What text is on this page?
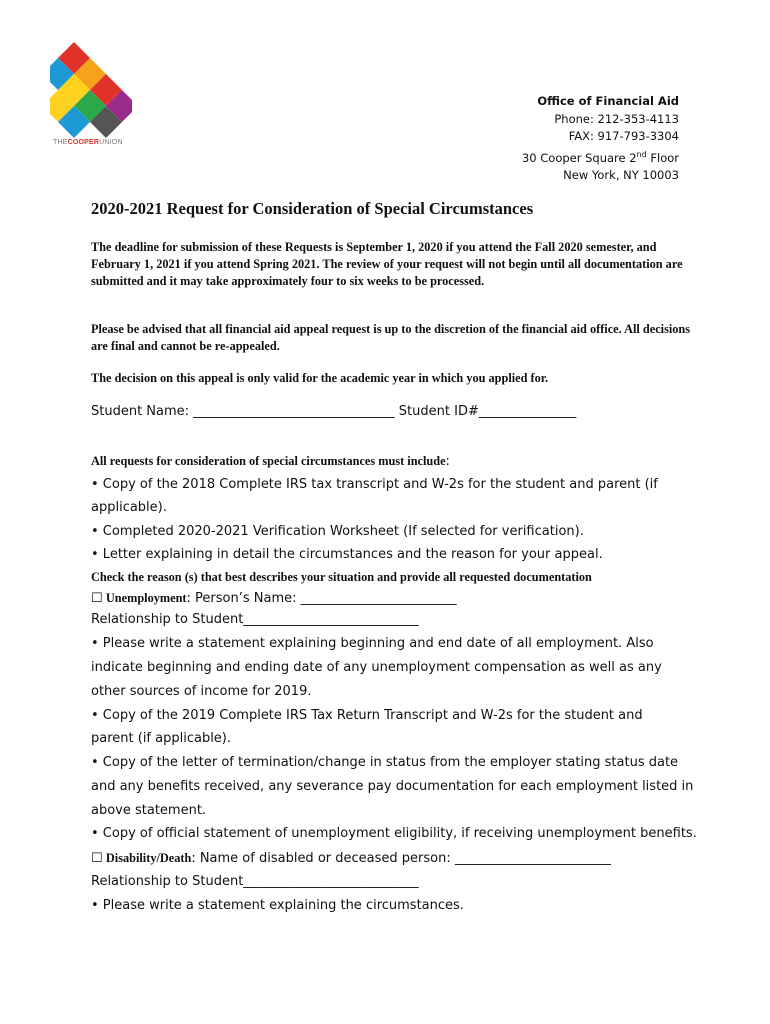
THECOOPERUNION
Office of Financial Aid
Phone: 212-353-4113
FAX: 917-793-3304
30 Cooper Square 2nd Floor
New York, NY 10003
2020-2021 Request for Consideration of Special Circumstances

The deadline for submission of these Requests is September 1, 2020 if you attend the Fall 2020 semester, and February 1, 2021 if you attend Spring 2021. The review of your request will not begin until all documentation are submitted and it may take approximately four to six weeks to be processed.

Please be advised that all financial aid appeal request is up to the discretion of the financial aid office. All decisions are final and cannot be re-appealed.

The decision on this appeal is only valid for the academic year in which you applied for.

Student Name: _______________________________ Student ID#_______________
All requests for consideration of special circumstances must include:
• Copy of the 2018 Complete IRS tax transcript and W-2s for the student and parent (if
applicable).
• Completed 2020-2021 Verification Worksheet (If selected for verification).
• Letter explaining in detail the circumstances and the reason for your appeal.
Check the reason (s) that best describes your situation and provide all requested documentation
☐ Unemployment: Person’s Name: ________________________
Relationship to Student___________________________
• Please write a statement explaining beginning and end date of all employment. Also
indicate beginning and ending date of any unemployment compensation as well as any
other sources of income for 2019.
• Copy of the 2019 Complete IRS Tax Return Transcript and W-2s for the student and
parent (if applicable).
• Copy of the letter of termination/change in status from the employer stating status date
and any benefits received, any severance pay documentation for each employment listed in
above statement.
• Copy of official statement of unemployment eligibility, if receiving unemployment benefits.
☐ Disability/Death: Name of disabled or deceased person: ________________________
Relationship to Student___________________________
• Please write a statement explaining the circumstances.
